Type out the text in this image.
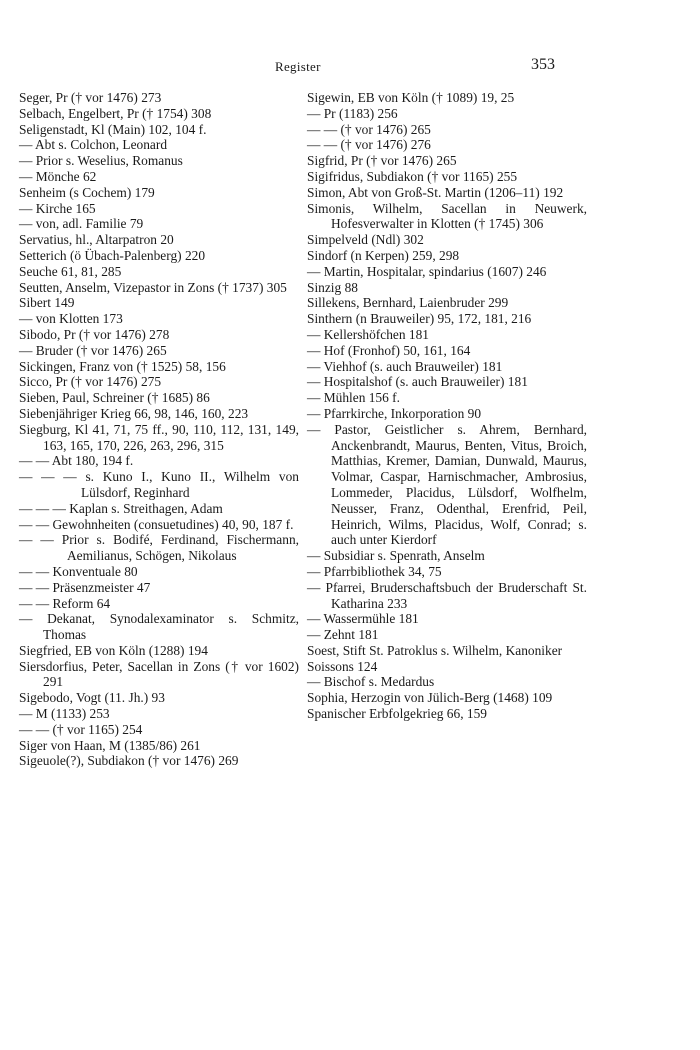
Register	353
Seger, Pr († vor 1476) 273
Selbach, Engelbert, Pr († 1754) 308
Seligenstadt, Kl (Main) 102, 104 f.
— Abt s. Colchon, Leonard
— Prior s. Weselius, Romanus
— Mönche 62
Senheim (s Cochem) 179
— Kirche 165
— von, adl. Familie 79
Servatius, hl., Altarpatron 20
Setterich (ö Übach-Palenberg) 220
Seuche 61, 81, 285
Seutten, Anselm, Vizepastor in Zons († 1737) 305
Sibert 149
— von Klotten 173
Sibodo, Pr († vor 1476) 278
— Bruder († vor 1476) 265
Sickingen, Franz von († 1525) 58, 156
Sicco, Pr († vor 1476) 275
Sieben, Paul, Schreiner († 1685) 86
Siebenjähriger Krieg 66, 98, 146, 160, 223
Siegburg, Kl 41, 71, 75 ff., 90, 110, 112, 131, 149, 163, 165, 170, 226, 263, 296, 315
— — Abt 180, 194 f.
— — — s. Kuno I., Kuno II., Wilhelm von Lülsdorf, Reginhard
— — — Kaplan s. Streithagen, Adam
— — Gewohnheiten (consuetudines) 40, 90, 187 f.
— — Prior s. Bodifé, Ferdinand, Fischermann, Aemilianus, Schögen, Nikolaus
— — Konventuale 80
— — Präsenzmeister 47
— — Reform 64
— Dekanat, Synodalexaminator s. Schmitz, Thomas
Siegfried, EB von Köln (1288) 194
Siersdorfius, Peter, Sacellan in Zons († vor 1602) 291
Sigebodo, Vogt (11. Jh.) 93
— M (1133) 253
— — († vor 1165) 254
Siger von Haan, M (1385/86) 261
Sigeuole(?), Subdiakon († vor 1476) 269
Sigewin, EB von Köln († 1089) 19, 25
— Pr (1183) 256
— — († vor 1476) 265
— — († vor 1476) 276
Sigfrid, Pr († vor 1476) 265
Sigifridus, Subdiakon († vor 1165) 255
Simon, Abt von Groß-St. Martin (1206–11) 192
Simonis, Wilhelm, Sacellan in Neuwerk, Hofesverwalter in Klotten († 1745) 306
Simpelveld (Ndl) 302
Sindorf (n Kerpen) 259, 298
— Martin, Hospitalar, spindarius (1607) 246
Sinzig 88
Sillekens, Bernhard, Laienbruder 299
Sinthern (n Brauweiler) 95, 172, 181, 216
— Kellershöfchen 181
— Hof (Fronhof) 50, 161, 164
— Viehhof (s. auch Brauweiler) 181
— Hospitalshof (s. auch Brauweiler) 181
— Mühlen 156 f.
— Pfarrkirche, Inkorporation 90
— Pastor, Geistlicher s. Ahrem, Bernhard, Anckenbrandt, Maurus, Benten, Vitus, Broich, Matthias, Kremer, Damian, Dunwald, Maurus, Volmar, Caspar, Harnischmacher, Ambrosius, Lommeder, Placidus, Lülsdorf, Wolfhelm, Neusser, Franz, Odenthal, Erenfrid, Peil, Heinrich, Wilms, Placidus, Wolf, Conrad; s. auch unter Kierdorf
— Subsidiar s. Spenrath, Anselm
— Pfarrbibliothek 34, 75
— Pfarrei, Bruderschaftsbuch der Bruderschaft St. Katharina 233
— Wassermühle 181
— Zehnt 181
Soest, Stift St. Patroklus s. Wilhelm, Kanoniker
Soissons 124
— Bischof s. Medardus
Sophia, Herzogin von Jülich-Berg (1468) 109
Spanischer Erbfolgekrieg 66, 159
